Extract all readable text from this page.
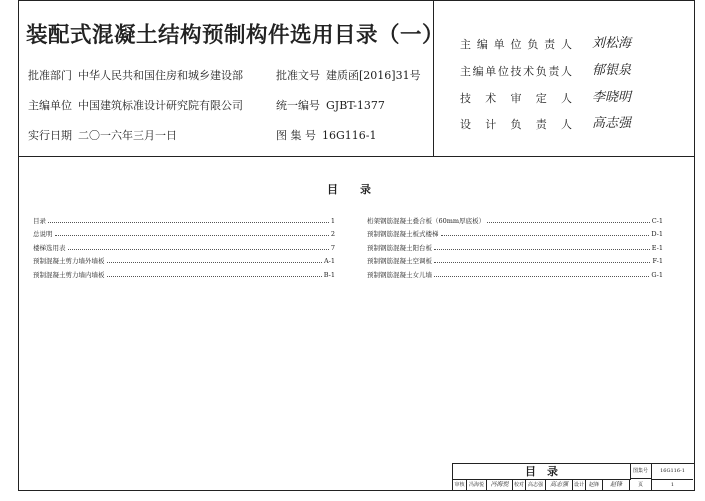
装配式混凝土结构预制构件选用目录（一）
批准部门 中华人民共和国住房和城乡建设部	批准文号 建质函[2016]31号
主编单位 中国建筑标准设计研究院有限公司	统一编号 GJBT-1377
实行日期 二〇一六年三月一日	图 集 号 16G116-1
主编单位负责人 刘松海
主编单位技术负责人 郁银泉
技术审定人 李晓明
设计负责人 高志强
目　　录
目录	1
总说明	2
楼梯选用表	7
预制混凝土剪力墙外墙板	A-1
预制混凝土剪力墙内墙板	B-1
桁架钢筋混凝土叠合板（60mm厚底板）	C-1
预制钢筋混凝土板式楼梯	D-1
预制钢筋混凝土阳台板	E-1
预制钢筋混凝土空调板	F-1
预制钢筋混凝土女儿墙	G-1
目　录	图集号	16G116-1
审核 冯海悦	冯海悦	校对 高志强	高志强	设计 赵锋	赵锋	页	1
